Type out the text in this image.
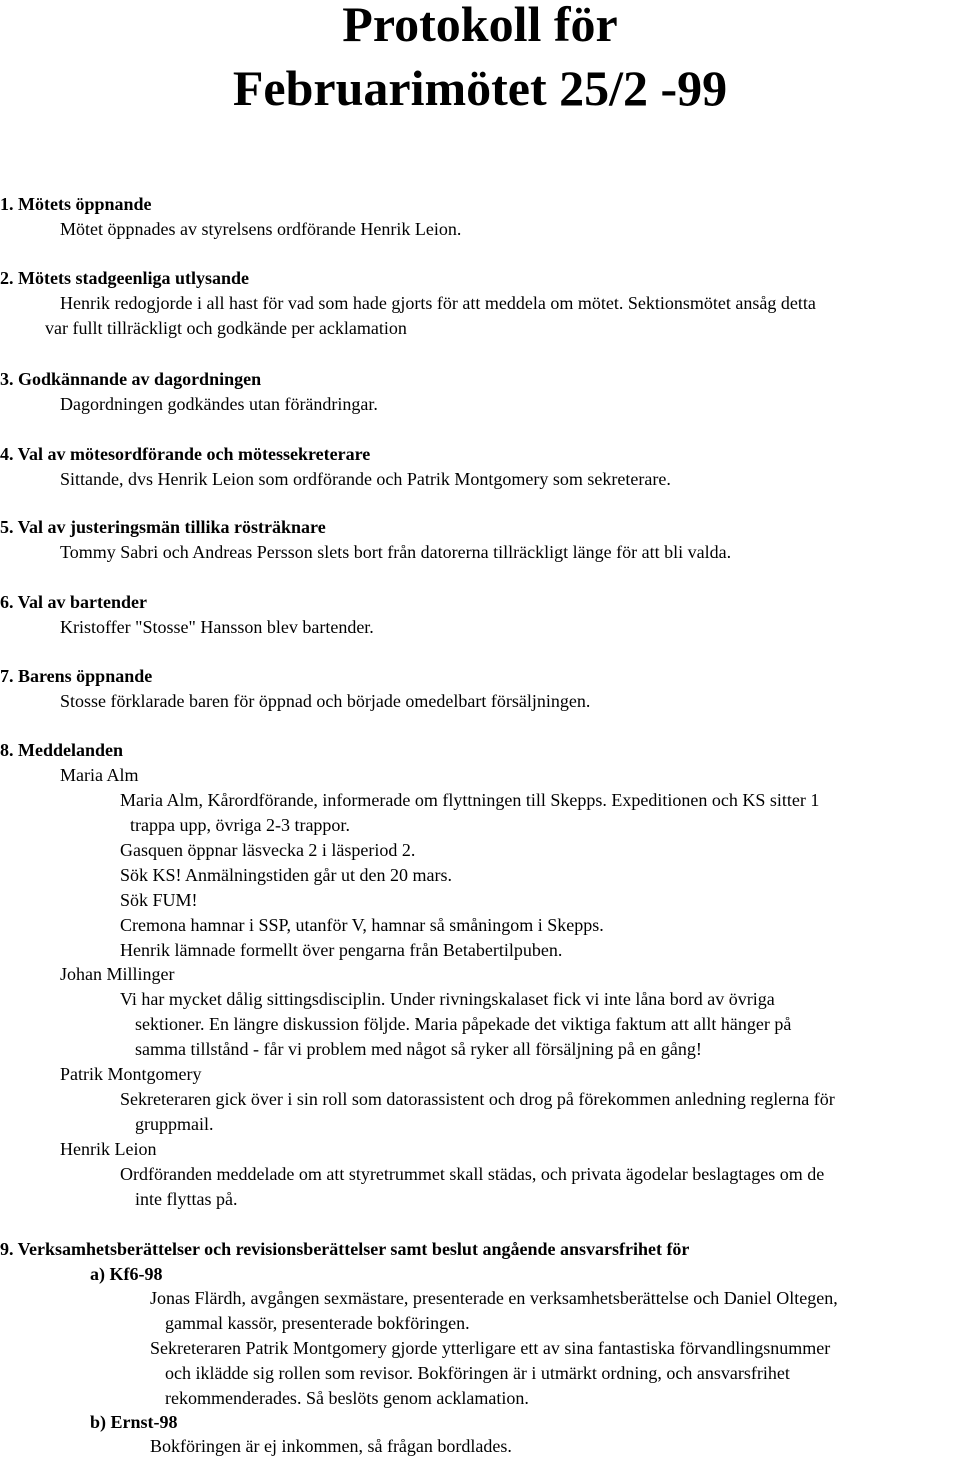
Protokoll för
Februarimötet 25/2 -99
1. Mötets öppnande
Mötet öppnades av styrelsens ordförande Henrik Leion.
2. Mötets stadgeenliga utlysande
Henrik redogjorde i all hast för vad som hade gjorts för att meddela om mötet. Sektionsmötet ansåg detta
var fullt tillräckligt och godkände per acklamation
3. Godkännande av dagordningen
Dagordningen godkändes utan förändringar.
4. Val av mötesordförande och mötessekreterare
Sittande, dvs Henrik Leion som ordförande och Patrik Montgomery som sekreterare.
5. Val av justeringsmän tillika rösträknare
Tommy Sabri och Andreas Persson slets bort från datorerna tillräckligt länge för att bli valda.
6. Val av bartender
Kristoffer "Stosse" Hansson blev bartender.
7. Barens öppnande
Stosse förklarade baren för öppnad och började omedelbart försäljningen.
8. Meddelanden
Maria Alm
Maria Alm, Kårordförande, informerade om flyttningen till Skepps. Expeditionen och KS sitter 1
trappa upp, övriga 2-3 trappor.
Gasquen öppnar läsvecka 2 i läsperiod 2.
Sök KS! Anmälningstiden går ut den 20 mars.
Sök FUM!
Cremona hamnar i SSP, utanför V, hamnar så småningom i Skepps.
Henrik lämnade formellt över pengarna från Betabertilpuben.
Johan Millinger
Vi har mycket dålig sittingsdisciplin. Under rivningskalaset fick vi inte låna bord av övriga
sektioner. En längre diskussion följde. Maria påpekade det viktiga faktum att allt hänger på
samma tillstånd - får vi problem med något så ryker all försäljning på en gång!
Patrik Montgomery
Sekreteraren gick över i sin roll som datorassistent och drog på förekommen anledning reglerna för
gruppmail.
Henrik Leion
Ordföranden meddelade om att styretrummet skall städas, och privata ägodelar beslagtages om de
inte flyttas på.
9. Verksamhetsberättelser och revisionsberättelser samt beslut angående ansvarsfrihet för
a) Kf6-98
Jonas Flärdh, avgången sexmästare, presenterade en verksamhetsberättelse och Daniel Oltegen,
gammal kassör, presenterade bokföringen.
Sekreteraren Patrik Montgomery gjorde ytterligare ett av sina fantastiska förvandlingsnummer
och iklädde sig rollen som revisor. Bokföringen är i utmärkt ordning, och ansvarsfrihet
rekommenderades. Så beslöts genom acklamation.
b) Ernst-98
Bokföringen är ej inkommen, så frågan bordlades.
